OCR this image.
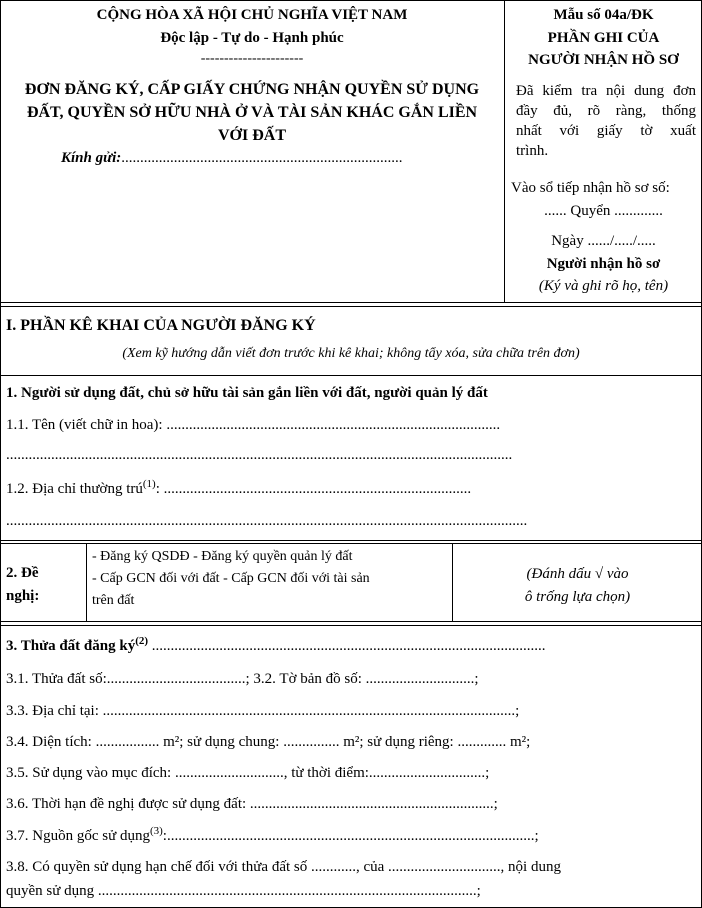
CỘNG HÒA XÃ HỘI CHỦ NGHĨA VIỆT NAM
Độc lập - Tự do - Hạnh phúc
----------------------
ĐƠN ĐĂNG KÝ, CẤP GIẤY CHỨNG NHẬN QUYỀN SỬ DỤNG
ĐẤT, QUYỀN SỞ HỮU NHÀ Ở VÀ TÀI SẢN KHÁC GẮN LIỀN
VỚI ĐẤT
Kính gửi:...........................................................................
Mẫu số 04a/ĐK
PHẦN GHI CỦA
NGƯỜI NHẬN HỒ SƠ
Đã kiểm tra nội dung đơn
đầy đủ, rõ ràng, thống
nhất với giấy tờ xuất
trình.
Vào sổ tiếp nhận hồ sơ số:
...... Quyển .............
Ngày ....../...../.....
Người nhận hồ sơ
(Ký và ghi rõ họ, tên)
I. PHẦN KÊ KHAI CỦA NGƯỜI ĐĂNG KÝ
(Xem kỹ hướng dẫn viết đơn trước khi kê khai; không tẩy xóa, sửa chữa trên đơn)
1. Người sử dụng đất, chủ sở hữu tài sản gắn liền với đất, người quản lý đất
1.1. Tên (viết chữ in hoa): .........................................................................................
.......................................................................................................................................
1.2. Địa chỉ thường trú$^{(1)}$: ..................................................................................
...........................................................................................................................................
2. Đề
nghị:
- Đăng ký QSDĐ - Đăng ký quyền quản lý đất
- Cấp GCN đối với đất - Cấp GCN đối với tài sản
trên đất
(Đánh dấu √ vào
ô trống lựa chọn)
3. Thửa đất đăng $ký^{(2)}$ .........................................................................................................
3.1. Thửa đất số:.....................................; 3.2. Tờ bản đồ số: .............................;
3.3. Địa chỉ tại: ..............................................................................................................;
3.4. Diện tích: ................. m²; sử dụng chung: ............... m²; sử dụng riêng: ............. m²;
3.5. Sử dụng vào mục đích: ............................., từ thời điểm:...............................;
3.6. Thời hạn đề nghị được sử dụng đất: .................................................................;
3.7. Nguồn gốc sử dụng$^{(3)}$:..................................................................................................;
3.8. Có quyền sử dụng hạn chế đối với thửa đất số ............, của .............................., nội dung
quyền sử dụng .....................................................................................................;
